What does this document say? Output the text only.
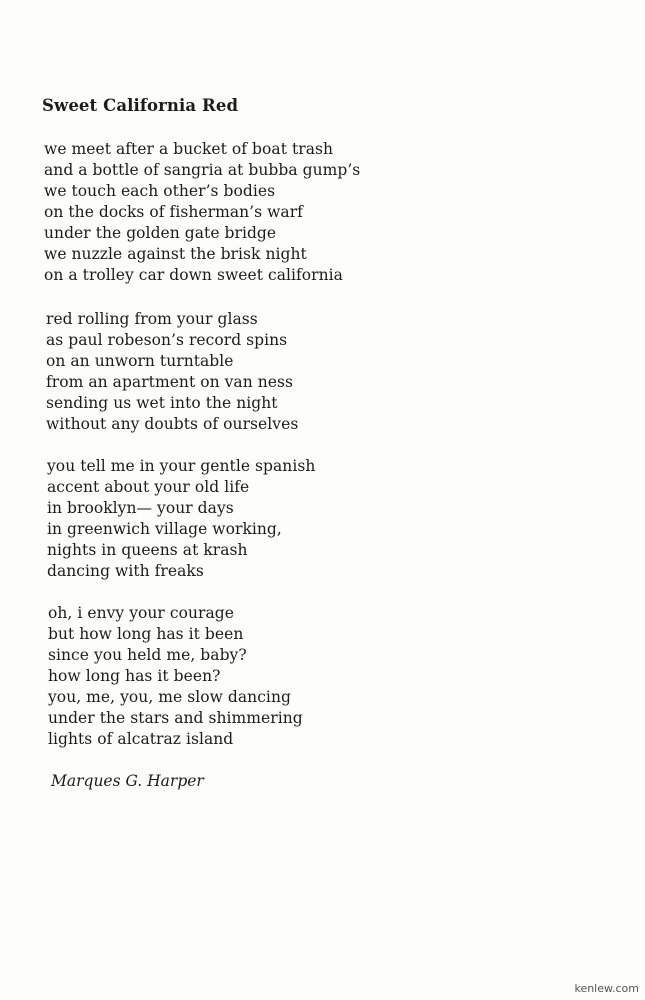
Sweet California Red
we meet after a bucket of boat trash
and a bottle of sangria at bubba gump’s
we touch each other’s bodies
on the docks of fisherman’s warf
under the golden gate bridge
we nuzzle against the brisk night
on a trolley car down sweet california
red rolling from your glass
as paul robeson’s record spins
on an unworn turntable
from an apartment on van ness
sending us wet into the night
without any doubts of ourselves
you tell me in your gentle spanish
accent about your old life
in brooklyn— your days
in greenwich village working,
nights in queens at krash
dancing with freaks
oh, i envy your courage
but how long has it been
since you held me, baby?
how long has it been?
you, me, you, me slow dancing
under the stars and shimmering
lights of alcatraz island

Marques G. Harper

kenlew.com
